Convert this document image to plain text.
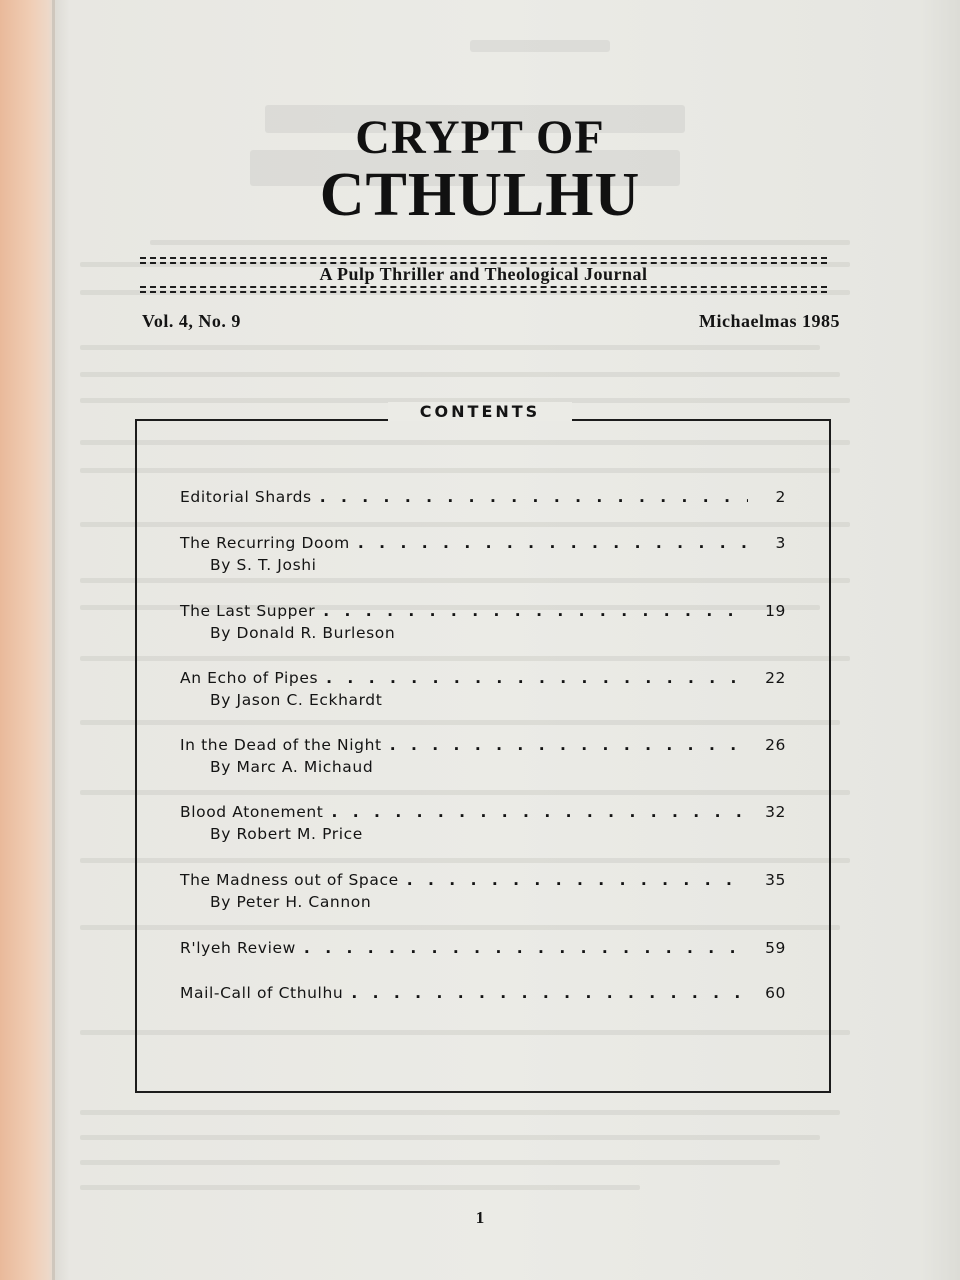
CRYPT OF
CTHULHU
A Pulp Thriller and Theological Journal
Vol. 4, No. 9	Michaelmas 1985
CONTENTS
Editorial Shards . . .	2
The Recurring Doom . . .	3
By S. T. Joshi
The Last Supper . . .	19
By Donald R. Burleson
An Echo of Pipes . . .	22
By Jason C. Eckhardt
In the Dead of the Night . . .	26
By Marc A. Michaud
Blood Atonement . . .	32
By Robert M. Price
The Madness out of Space . . .	35
By Peter H. Cannon
R'lyeh Review . . .	59
Mail-Call of Cthulhu . . .	60
1
